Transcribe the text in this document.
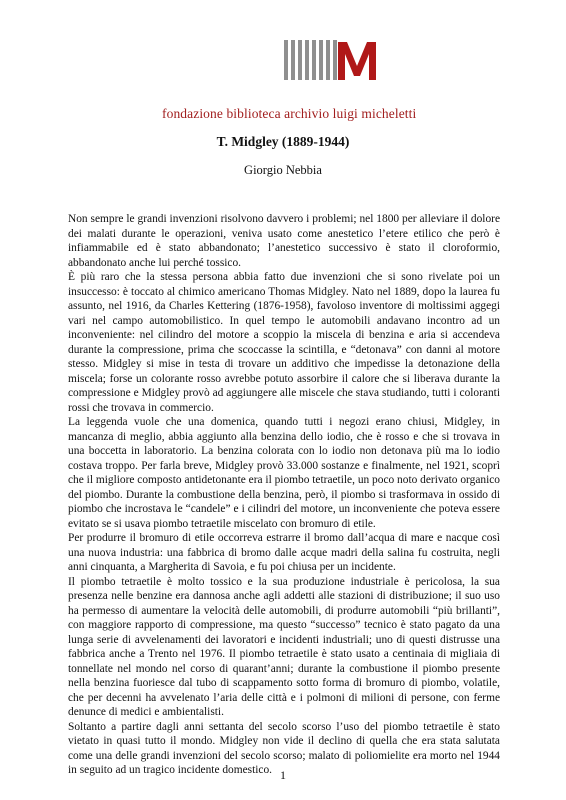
fondazione biblioteca archivio luigi micheletti
T. Midgley (1889-1944)
Giorgio Nebbia

Non sempre le grandi invenzioni risolvono davvero i problemi; nel 1800 per alleviare il dolore dei malati durante le operazioni, veniva usato come anestetico l’etere etilico che però è infiammabile ed è stato abbandonato; l’anestetico successivo è stato il cloroformio, abbandonato anche lui perché tossico.

È più raro che la stessa persona abbia fatto due invenzioni che si sono rivelate poi un insuccesso: è toccato al chimico americano Thomas Midgley. Nato nel 1889, dopo la laurea fu assunto, nel 1916, da Charles Kettering (1876-1958), favoloso inventore di moltissimi aggegi vari nel campo automobilistico. In quel tempo le automobili andavano incontro ad un inconveniente: nel cilindro del motore a scoppio la miscela di benzina e aria si accendeva durante la compressione, prima che scoccasse la scintilla, e “detonava” con danni al motore stesso. Midgley si mise in testa di trovare un additivo che impedisse la detonazione della miscela; forse un colorante rosso avrebbe potuto assorbire il calore che si liberava durante la compressione e Midgley provò ad aggiungere alle miscele che stava studiando, tutti i coloranti rossi che trovava in commercio.

La leggenda vuole che una domenica, quando tutti i negozi erano chiusi, Midgley, in mancanza di meglio, abbia aggiunto alla benzina dello iodio, che è rosso e che si trovava in una boccetta in laboratorio. La benzina colorata con lo iodio non detonava più ma lo iodio costava troppo. Per farla breve, Midgley provò 33.000 sostanze e finalmente, nel 1921, scoprì che il migliore composto antidetonante era il piombo tetraetile, un poco noto derivato organico del piombo. Durante la combustione della benzina, però, il piombo si trasformava in ossido di piombo che incrostava le “candele” e i cilindri del motore, un inconveniente che poteva essere evitato se si usava piombo tetraetile miscelato con bromuro di etile.

Per produrre il bromuro di etile occorreva estrarre il bromo dall’acqua di mare e nacque così una nuova industria: una fabbrica di bromo dalle acque madri della salina fu costruita, negli anni cinquanta, a Margherita di Savoia, e fu poi chiusa per un incidente.

Il piombo tetraetile è molto tossico e la sua produzione industriale è pericolosa, la sua presenza nelle benzine era dannosa anche agli addetti alle stazioni di distribuzione; il suo uso ha permesso di aumentare la velocità delle automobili, di produrre automobili “più brillanti”, con maggiore rapporto di compressione, ma questo “successo” tecnico è stato pagato da una lunga serie di avvelenamenti dei lavoratori e incidenti industriali; uno di questi distrusse una fabbrica anche a Trento nel 1976. Il piombo tetraetile è stato usato a centinaia di migliaia di tonnellate nel mondo nel corso di quarant’anni; durante la combustione il piombo presente nella benzina fuoriesce dal tubo di scappamento sotto forma di bromuro di piombo, volatile, che per decenni ha avvelenato l’aria delle città e i polmoni di milioni di persone, con ferme denunce di medici e ambientalisti.

Soltanto a partire dagli anni settanta del secolo scorso l’uso del piombo tetraetile è stato vietato in quasi tutto il mondo. Midgley non vide il declino di quella che era stata salutata come una delle grandi invenzioni del secolo scorso; malato di poliomielite era morto nel 1944 in seguito ad un tragico incidente domestico. 1
